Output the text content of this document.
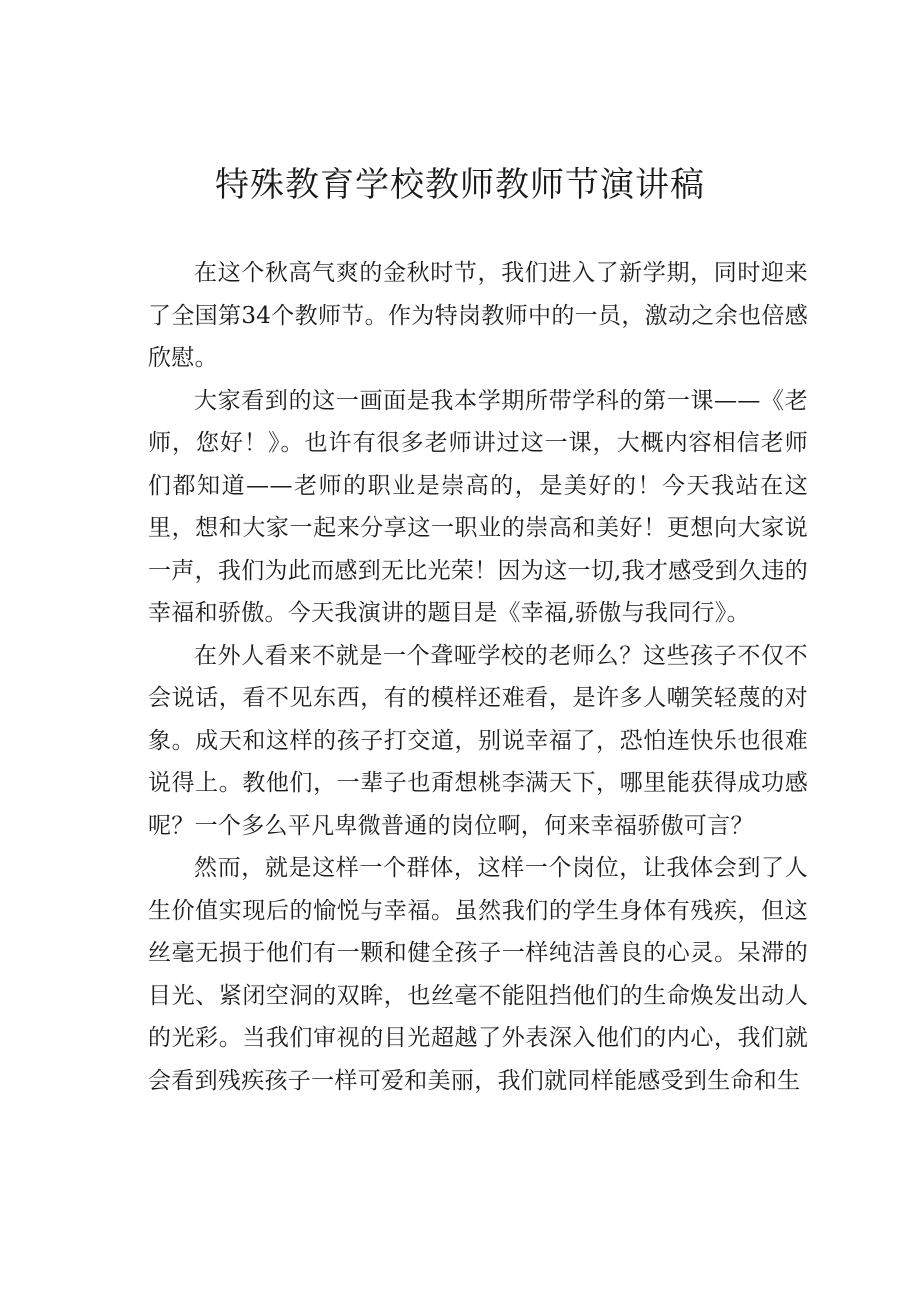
特殊教育学校教师教师节演讲稿

在这个秋高气爽的金秋时节，我们进入了新学期，同时迎来了全国第34个教师节。作为特岗教师中的一员，激动之余也倍感欣慰。

大家看到的这一画面是我本学期所带学科的第一课——《老师，您好！》。也许有很多老师讲过这一课，大概内容相信老师们都知道——老师的职业是崇高的，是美好的！今天我站在这里，想和大家一起来分享这一职业的崇高和美好！更想向大家说一声，我们为此而感到无比光荣！因为这一切,我才感受到久违的幸福和骄傲。今天我演讲的题目是《幸福,骄傲与我同行》。

在外人看来不就是一个聋哑学校的老师么？这些孩子不仅不会说话，看不见东西，有的模样还难看，是许多人嘲笑轻蔑的对象。成天和这样的孩子打交道，别说幸福了，恐怕连快乐也很难说得上。教他们，一辈子也甭想桃李满天下，哪里能获得成功感呢？一个多么平凡卑微普通的岗位啊，何来幸福骄傲可言？

然而，就是这样一个群体，这样一个岗位，让我体会到了人生价值实现后的愉悦与幸福。虽然我们的学生身体有残疾，但这丝毫无损于他们有一颗和健全孩子一样纯洁善良的心灵。呆滞的目光、紧闭空洞的双眸，也丝毫不能阻挡他们的生命焕发出动人的光彩。当我们审视的目光超越了外表深入他们的内心，我们就会看到残疾孩子一样可爱和美丽，我们就同样能感受到生命和生
